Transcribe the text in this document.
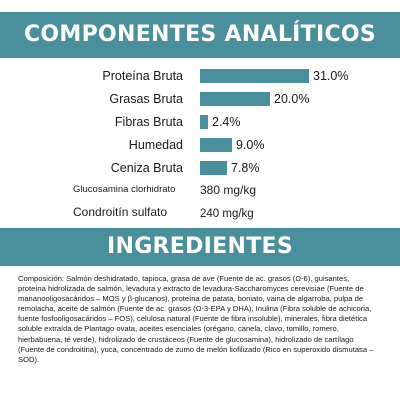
COMPONENTES ANALÍTICOS
Proteína Bruta	31.0%
Grasas Bruta	20.0%
Fibras Bruta 2.4%
Humedad	9.0%
Ceniza Bruta	7.8%
Glucosamina clorhidrato 380 mg/kg
Condroitín sulfato	240 mg/kg
INGREDIENTES

Composición: Salmón deshidratado, tapioca, grasa de ave (Fuente de ac. grasos (Ω-6), guisantes, proteína hidrolizada de salmón, levadura y extracto de levadura-Saccharomyces cerevisiae (Fuente de mananooligosacáridos – MOS y β-glucanos), proteína de patata, boniato, vaina de algarroba, pulpa de remolacha, aceite de salmón (Fuente de ac. grasos (Ω-3-EPA y DHA), Inulina (Fibra soluble de achicoria, fuente fosfooligosacáridos – FOS), celulosa natural (Fuente de fibra insoluble), minerales, fibra dietética soluble extraída de Plantago ovata, aceites esenciales (orégano, canela, clavo, tomillo, romero, hierbabuena, té verde), hidrolizado de crustáceos (Fuente de glucosamina), hidrolizado de cartílago (Fuente de condroitina), yuca, concentrado de zumo de melón liofilizado (Rico en superoxido dismutasa – SOD).
